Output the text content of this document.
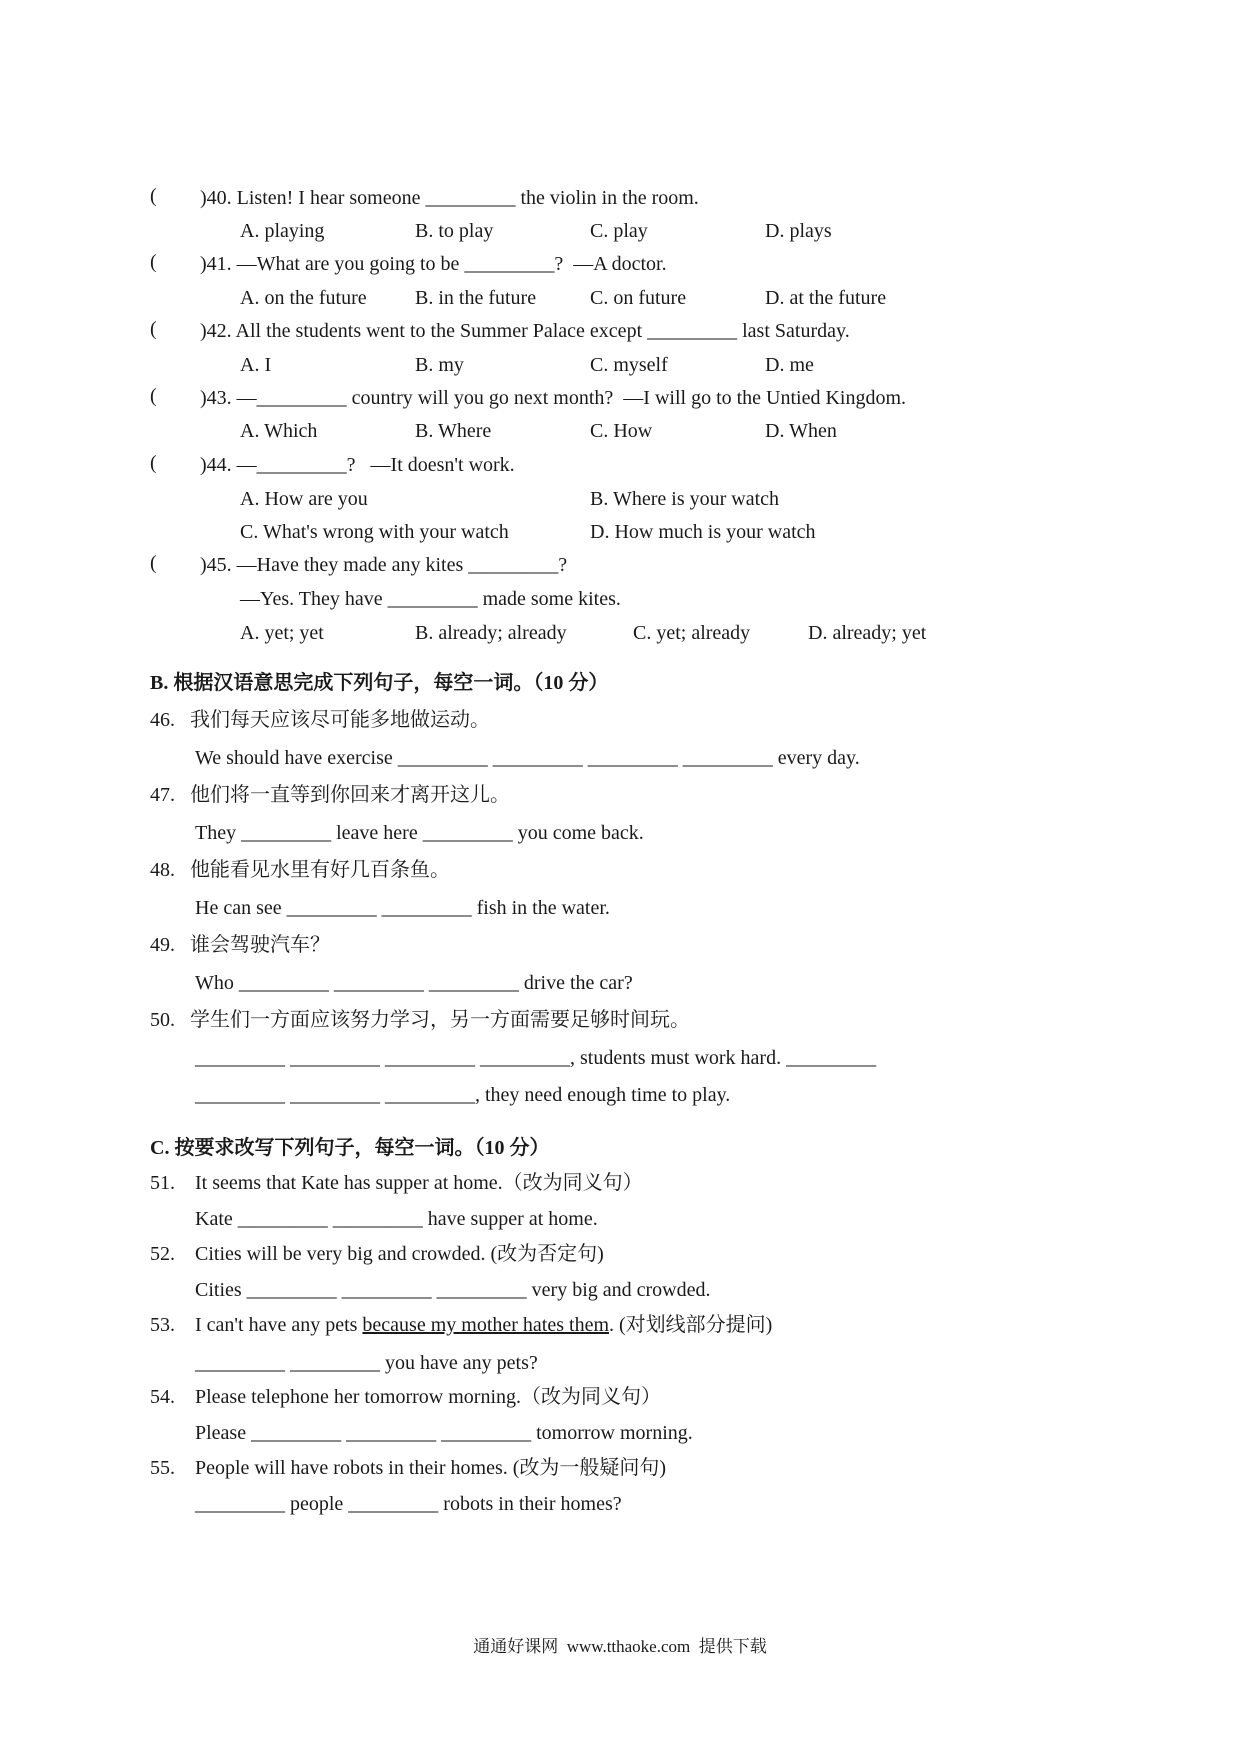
( )40. Listen! I hear someone _________ the violin in the room.
A. playing	B. to play	C. play	D. plays
( )41. —What are you going to be _________?  —A doctor.
A. on the future B. in the future	C. on future	D. at the future
( )42. All the students went to the Summer Palace except _________ last Saturday.
A. I	B. my	C. myself	D. me
( )43. —_________ country will you go next month?  —I will go to the Untied Kingdom.
A. Which	B. Where	C. How	D. When
( )44. —_________?   —It doesn't work.
A. How are you	B. Where is your watch
C. What's wrong with your watch	D. How much is your watch
( )45. —Have they made any kites _________?
—Yes. They have _________ made some kites.
A. yet; yet	B. already; already	C. yet; already	D. already; yet
B. 根据汉语意思完成下列句子，每空一词。（10 分）
46. 我们每天应该尽可能多地做运动。
We should have exercise _________ _________ _________ _________ every day.
47. 他们将一直等到你回来才离开这儿。
They _________ leave here _________ you come back.
48. 他能看见水里有好几百条鱼。
He can see _________ _________ fish in the water.
49. 谁会驾驶汽车？
Who _________ _________ _________ drive the car?
50. 学生们一方面应该努力学习，另一方面需要足够时间玩。
_________ _________ _________ _________, students must work hard. _________
_________ _________ _________, they need enough time to play.
C. 按要求改写下列句子，每空一词。（10 分）
51. It seems that Kate has supper at home.（改为同义句）
Kate _________ _________ have supper at home.
52. Cities will be very big and crowded. (改为否定句)
Cities _________ _________ _________ very big and crowded.
53. I can't have any pets because my mother hates them. (对划线部分提问)
_________ _________ you have any pets?
54. Please telephone her tomorrow morning.（改为同义句）
Please _________ _________ _________ tomorrow morning.
55. People will have robots in their homes. (改为一般疑问句)
_________ people _________ robots in their homes?
通通好课网  www.tthaoke.com  提供下载
